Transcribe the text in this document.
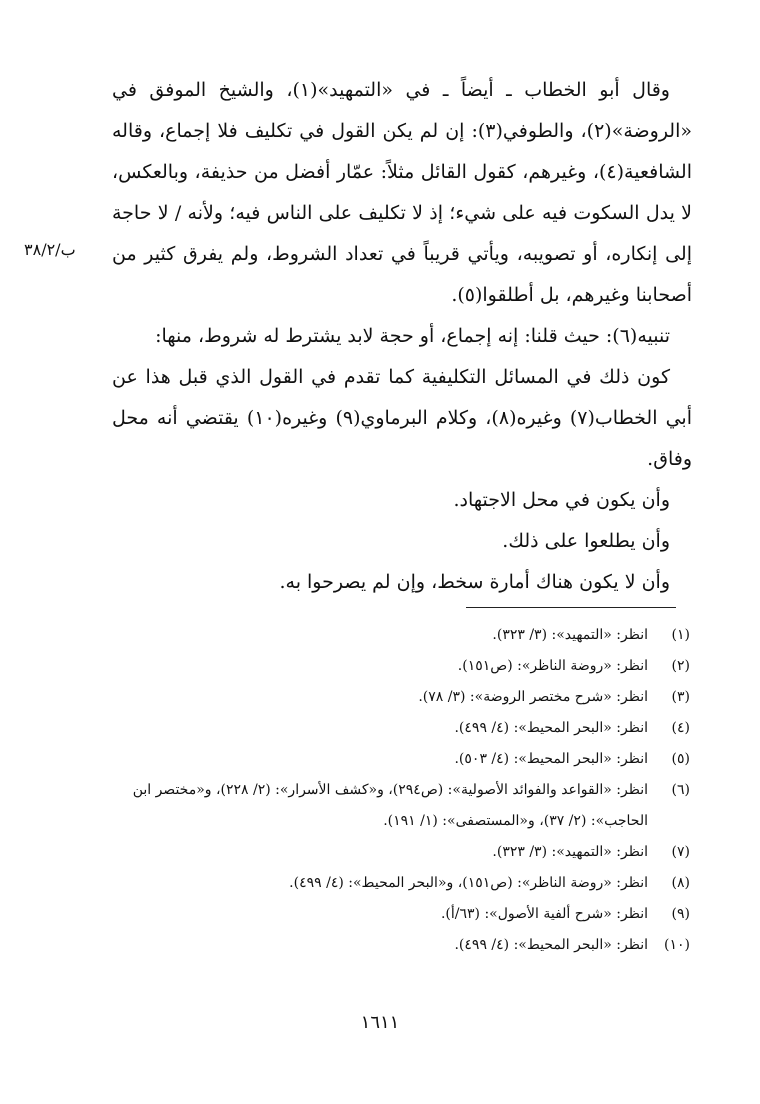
وقال أبو الخطاب ـ أيضاً ـ في «التمهيد»(١)، والشيخ الموفق في «الروضة»(٢)، والطوفي(٣): إن لم يكن القول في تكليف فلا إجماع، وقاله الشافعية(٤)، وغيرهم، كقول القائل مثلاً: عمّار أفضل من حذيفة، وبالعكس، لا يدل السكوت فيه على شيء؛ إذ لا تكليف على الناس فيه؛ ولأنه / لا حاجة إلى إنكاره، أو تصويبه، ويأتي قريباً في تعداد الشروط، ولم يفرق كثير من أصحابنا وغيرهم، بل أطلقوا(٥).

تنبيه(٦): حيث قلنا: إنه إجماع، أو حجة لابد يشترط له شروط، منها:

كون ذلك في المسائل التكليفية كما تقدم في القول الذي قبل هذا عن أبي الخطاب(٧) وغيره(٨)، وكلام البرماوي(٩) وغيره(١٠) يقتضي أنه محل وفاق.

وأن يكون في محل الاجتهاد.

وأن يطلعوا على ذلك.

وأن لا يكون هناك أمارة سخط، وإن لم يصرحوا به.

ب/٣٨/٢
(١)
انظر: «التمهيد»: (٣/ ٣٢٣).
(٢)
انظر: «روضة الناظر»: (ص١٥١).
(٣)
انظر: «شرح مختصر الروضة»: (٣/ ٧٨).
(٤)
انظر: «البحر المحيط»: (٤/ ٤٩٩).
(٥)
انظر: «البحر المحيط»: (٤/ ٥٠٣).
(٦)
انظر: «القواعد والفوائد الأصولية»: (ص٢٩٤)، و«كشف الأسرار»: (٢/ ٢٢٨)، و«مختصر ابن الحاجب»: (٢/ ٣٧)، و«المستصفى»: (١/ ١٩١).
(٧)
انظر: «التمهيد»: (٣/ ٣٢٣).
(٨)
انظر: «روضة الناظر»: (ص١٥١)، و«البحر المحيط»: (٤/ ٤٩٩).
(٩)
انظر: «شرح ألفية الأصول»: (٦٣/أ).
(١٠)
انظر: «البحر المحيط»: (٤/ ٤٩٩).
١٦١١
